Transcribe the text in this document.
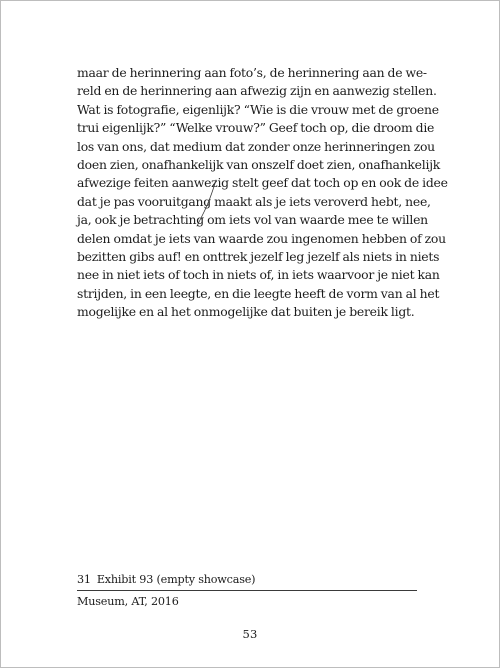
maar de herinnering aan foto’s, de herinnering aan de we-
reld en de herinnering aan afwezig zijn en aanwezig stellen.
Wat is fotografie, eigenlijk? “Wie is die vrouw met de groene
trui eigenlijk?” “Welke vrouw?” Geef toch op, die droom die
los van ons, dat medium dat zonder onze herinneringen zou
doen zien, onafhankelijk van onszelf doet zien, onafhankelijk
afwezige feiten aanwezig stelt geef dat toch op en ook de idee
dat je pas vooruitgang maakt als je iets veroverd hebt, nee,
ja, ook je betrachting om iets vol van waarde mee te willen
delen omdat je iets van waarde zou ingenomen hebben of zou
bezitten gibs auf! en onttrek jezelf leg jezelf als niets in niets
nee in niet iets of toch in niets of, in iets waarvoor je niet kan
strijden, in een leegte, en die leegte heeft de vorm van al het
mogelijke en al het onmogelijke dat buiten je bereik ligt.
31 Exhibit 93 (empty showcase)
Museum, AT, 2016
53
